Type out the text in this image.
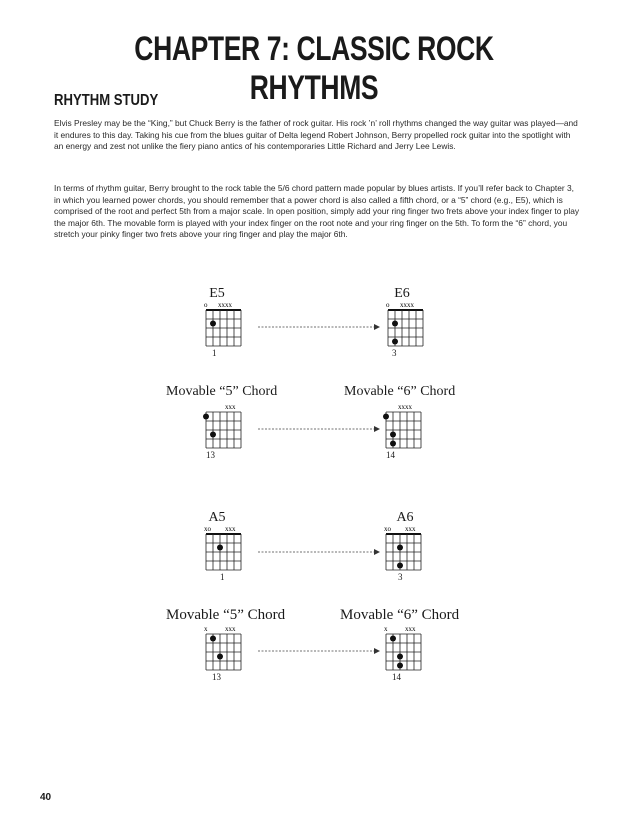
CHAPTER 7: CLASSIC ROCK RHYTHMS
RHYTHM STUDY

Elvis Presley may be the “King,” but Chuck Berry is the father of rock guitar. His rock ’n’ roll rhythms changed the way guitar was played—and it endures to this day. Taking his cue from the blues guitar of Delta legend Robert Johnson, Berry propelled rock guitar into the spotlight with an energy and zest not unlike the fiery piano antics of his contemporaries Little Richard and Jerry Lee Lewis.

In terms of rhythm guitar, Berry brought to the rock table the 5/6 chord pattern made popular by blues artists. If you’ll refer back to Chapter 3, in which you learned power chords, you should remember that a power chord is also called a fifth chord, or a “5” chord (e.g., E5), which is comprised of the root and perfect 5th from a major scale. In open position, simply add your ring finger two frets above your index finger to play the major 6th. The movable form is played with your index finger on the root note and your ring finger on the 5th. To form the “6” chord, you stretch your pinky finger two frets above your ring finger and play the major 6th.

E5
o xxxx
1
E6
o xxxx
3
Movable “5” Chord
xxx
13
Movable “6” Chord
xxxx
14
A5
xo xxx
1
A6
xo xxx
3
Movable “5” Chord
x	xxx
13
Movable “6” Chord
x	xxx
14
40
